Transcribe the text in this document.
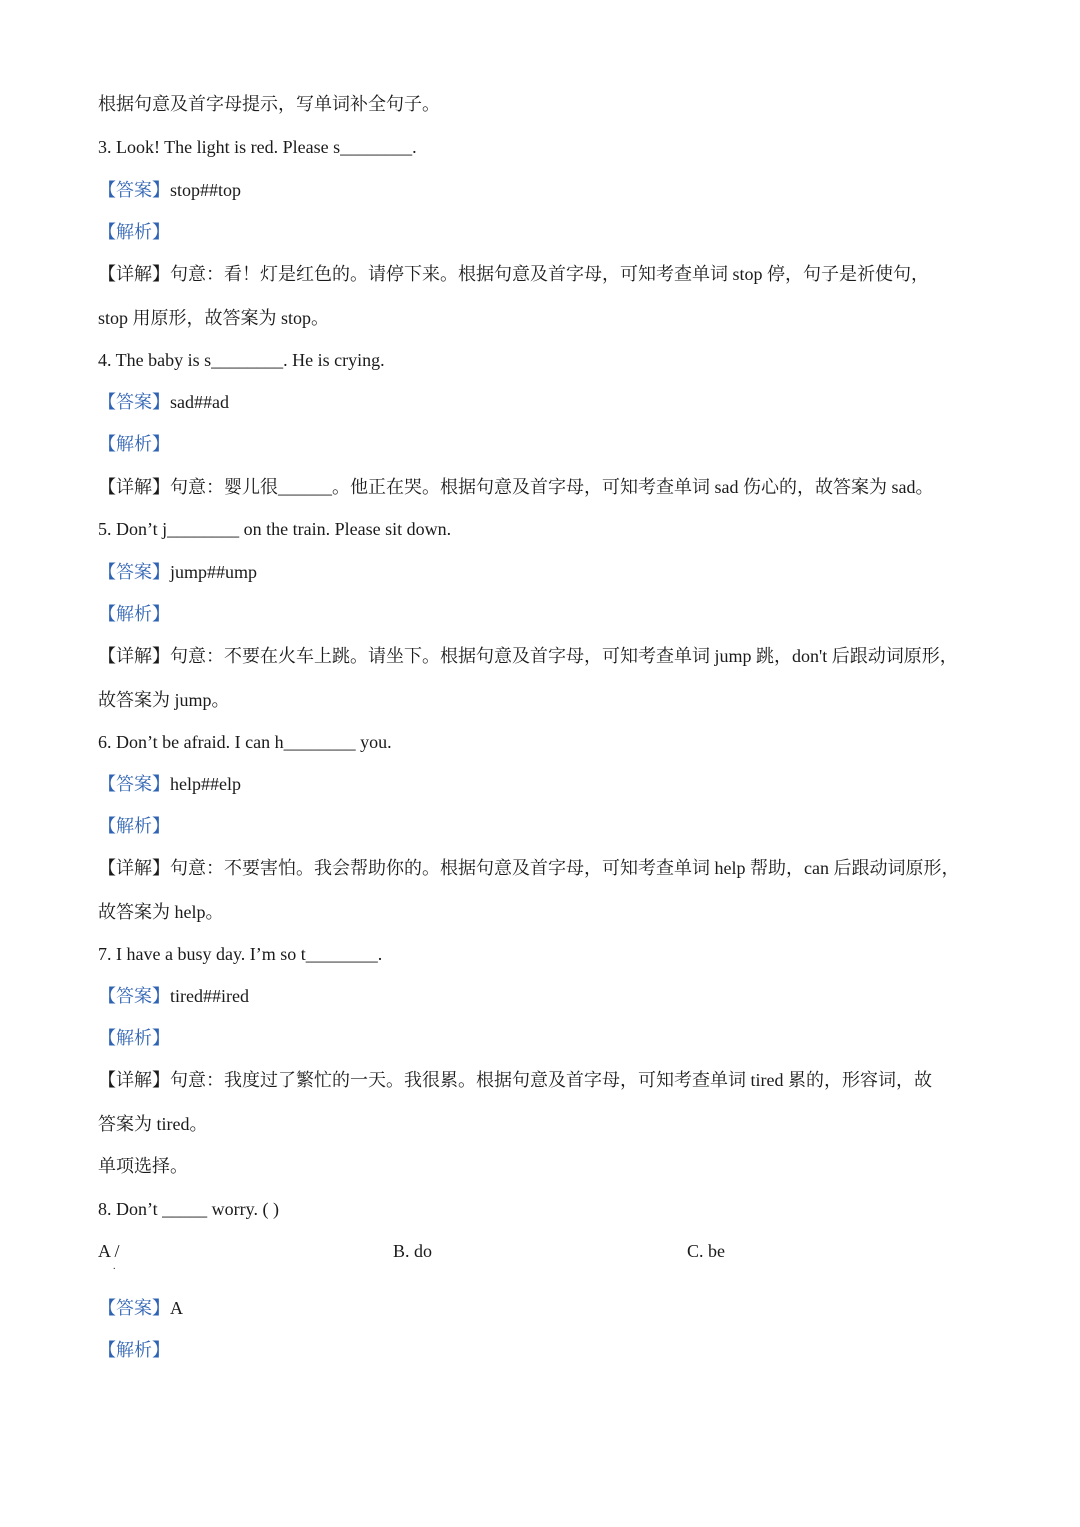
根据句意及首字母提示，写单词补全句子。
3. Look! The light is red. Please s________.
【答案】stop##top
【解析】
【详解】句意：看！灯是红色的。请停下来。根据句意及首字母，可知考查单词 stop 停，句子是祈使句，
stop 用原形，故答案为 stop。
4. The baby is s________. He is crying.
【答案】sad##ad
【解析】
【详解】句意：婴儿很______。他正在哭。根据句意及首字母，可知考查单词 sad 伤心的，故答案为 sad。
5. Don’t j________ on the train. Please sit down.
【答案】jump##ump
【解析】
【详解】句意：不要在火车上跳。请坐下。根据句意及首字母，可知考查单词 jump 跳，don't 后跟动词原形，
故答案为 jump。
6. Don’t be afraid. I can h________ you.
【答案】help##elp
【解析】
【详解】句意：不要害怕。我会帮助你的。根据句意及首字母，可知考查单词 help 帮助，can 后跟动词原形，
故答案为 help。
7. I have a busy day. I’m so t________.
【答案】tired##ired
【解析】
【详解】句意：我度过了繁忙的一天。我很累。根据句意及首字母，可知考查单词 tired 累的，形容词，故
答案为 tired。
单项选择。
8. Don’t _____ worry. ( )
A /
.
B. do	C. be
【答案】A
【解析】
